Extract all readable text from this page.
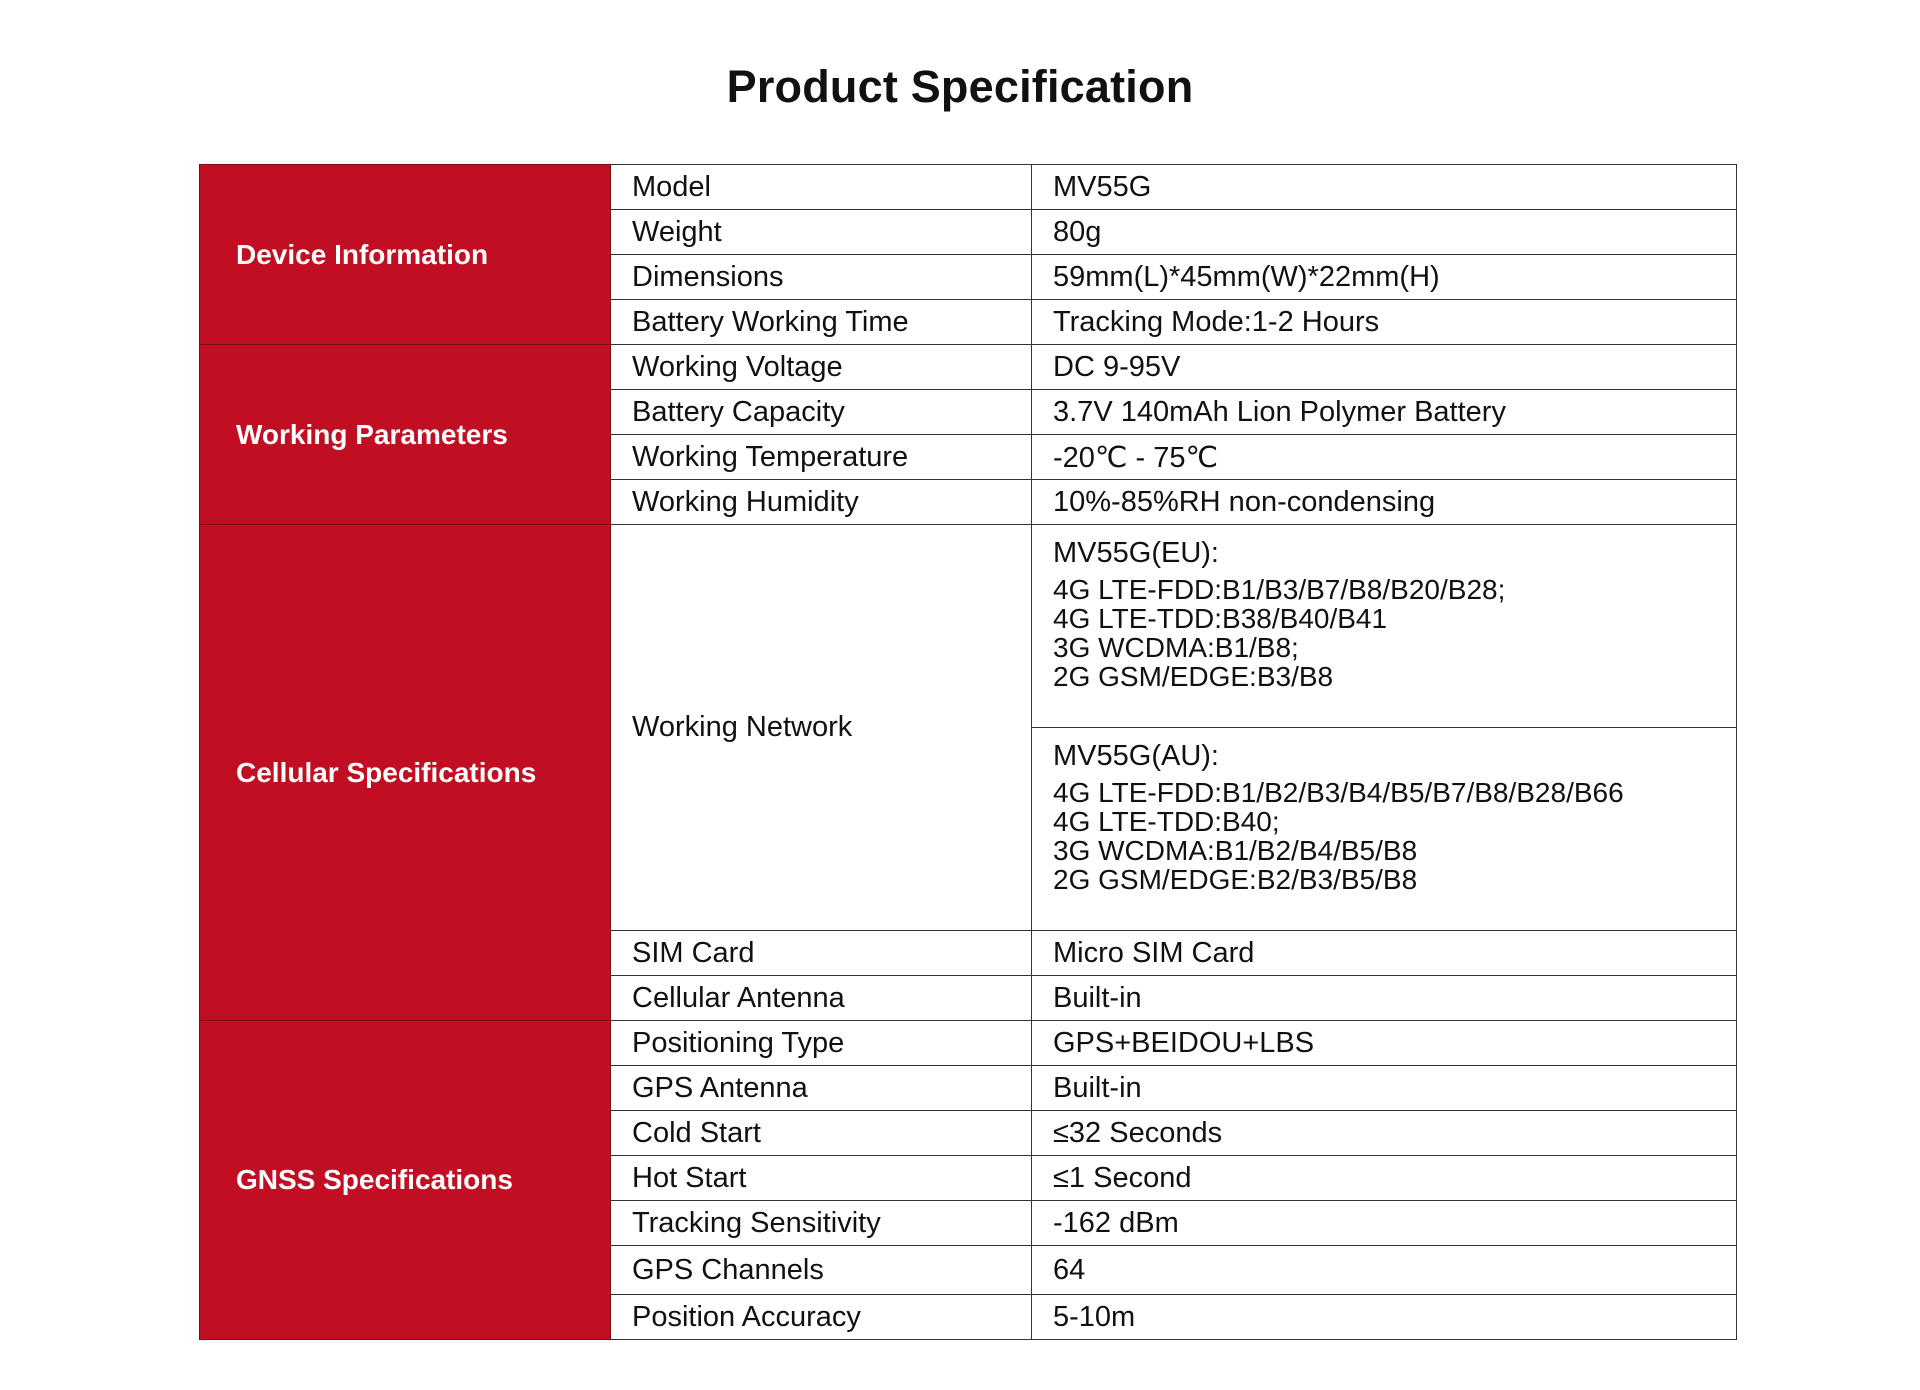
Product Specification
Device Information	Model	MV55G
	Weight	80g
	Dimensions	59mm(L)*45mm(W)*22mm(H)
	Battery Working Time	Tracking Mode:1-2 Hours
Working Parameters	Working Voltage	DC 9-95V
	Battery Capacity	3.7V 140mAh Lion Polymer Battery
	Working Temperature	-20℃ - 75℃
	Working Humidity	10%-85%RH non-condensing
Cellular Specifications	Working Network	MV55G(EU):
4G LTE-FDD:B1/B3/B7/B8/B20/B28;
4G LTE-TDD:B38/B40/B41
3G WCDMA:B1/B8;
2G GSM/EDGE:B3/B8

		MV55G(AU):
4G LTE-FDD:B1/B2/B3/B4/B5/B7/B8/B28/B66
4G LTE-TDD:B40;
3G WCDMA:B1/B2/B4/B5/B8
2G GSM/EDGE:B2/B3/B5/B8

	SIM Card	Micro SIM Card
	Cellular Antenna	Built-in
GNSS Specifications	Positioning Type	GPS+BEIDOU+LBS
	GPS Antenna	Built-in
	Cold Start	≤32 Seconds
	Hot Start	≤1 Second
	Tracking Sensitivity	-162 dBm
	GPS Channels	64
	Position Accuracy	5-10m
